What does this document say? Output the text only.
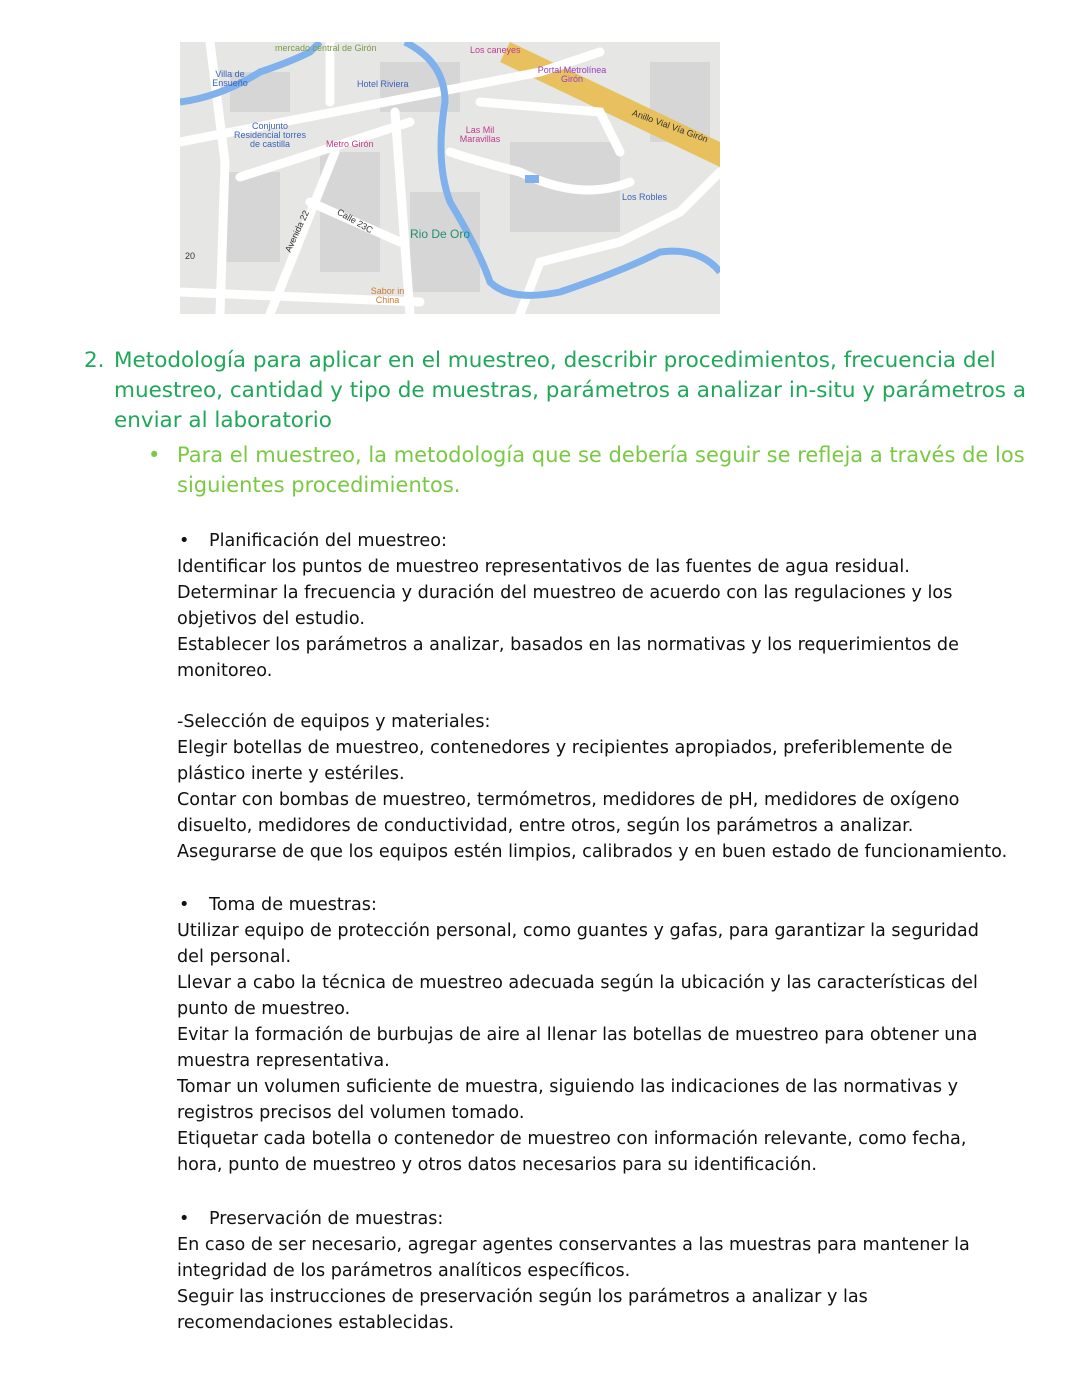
mercado central de Girón	Los caneyes
Portal Metrolínea Girón
Villa de Ensueño	Hotel Riviera
Anillo Vial Vía Girón
Conjunto Residencial torres de castilla	Metro Girón
Las Mil Maravillas
Los Robles
Avenida 22	Calle 23C	Rio De Oro
Sabor in China
20
2. Metodología para aplicar en el muestreo, describir procedimientos, frecuencia del
muestreo, cantidad y tipo de muestras, parámetros a analizar in-situ y parámetros a
enviar al laboratorio
• Para el muestreo, la metodología que se debería seguir se refleja a través de los
siguientes procedimientos.
• Planificación del muestreo:
Identificar los puntos de muestreo representativos de las fuentes de agua residual.
Determinar la frecuencia y duración del muestreo de acuerdo con las regulaciones y los
objetivos del estudio.
Establecer los parámetros a analizar, basados en las normativas y los requerimientos de
monitoreo.
-Selección de equipos y materiales:
Elegir botellas de muestreo, contenedores y recipientes apropiados, preferiblemente de
plástico inerte y estériles.
Contar con bombas de muestreo, termómetros, medidores de pH, medidores de oxígeno
disuelto, medidores de conductividad, entre otros, según los parámetros a analizar.
Asegurarse de que los equipos estén limpios, calibrados y en buen estado de funcionamiento.
• Toma de muestras:
Utilizar equipo de protección personal, como guantes y gafas, para garantizar la seguridad
del personal.
Llevar a cabo la técnica de muestreo adecuada según la ubicación y las características del
punto de muestreo.
Evitar la formación de burbujas de aire al llenar las botellas de muestreo para obtener una
muestra representativa.
Tomar un volumen suficiente de muestra, siguiendo las indicaciones de las normativas y
registros precisos del volumen tomado.
Etiquetar cada botella o contenedor de muestreo con información relevante, como fecha,
hora, punto de muestreo y otros datos necesarios para su identificación.
• Preservación de muestras:
En caso de ser necesario, agregar agentes conservantes a las muestras para mantener la
integridad de los parámetros analíticos específicos.
Seguir las instrucciones de preservación según los parámetros a analizar y las
recomendaciones establecidas.
